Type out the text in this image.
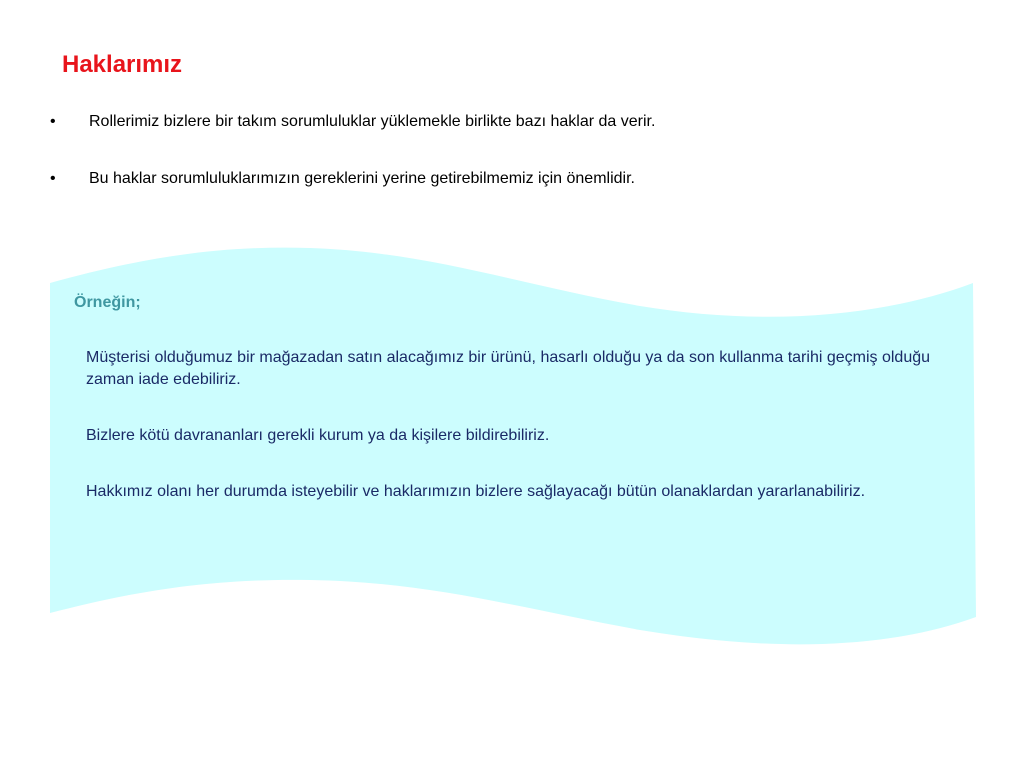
Haklarımız
• Rollerimiz bizlere bir takım sorumluluklar yüklemekle birlikte bazı haklar da verir.
• Bu haklar sorumluluklarımızın gereklerini yerine getirebilmemiz için önemlidir.

Örneğin;

Müşterisi olduğumuz bir mağazadan satın alacağımız bir ürünü, hasarlı olduğu ya da son kullanma tarihi geçmiş olduğu zaman iade edebiliriz.
Bizlere kötü davrananları gerekli kurum ya da kişilere bildirebiliriz.
Hakkımız olanı her durumda isteyebilir ve haklarımızın bizlere sağlayacağı bütün olanaklardan yararlanabiliriz.
